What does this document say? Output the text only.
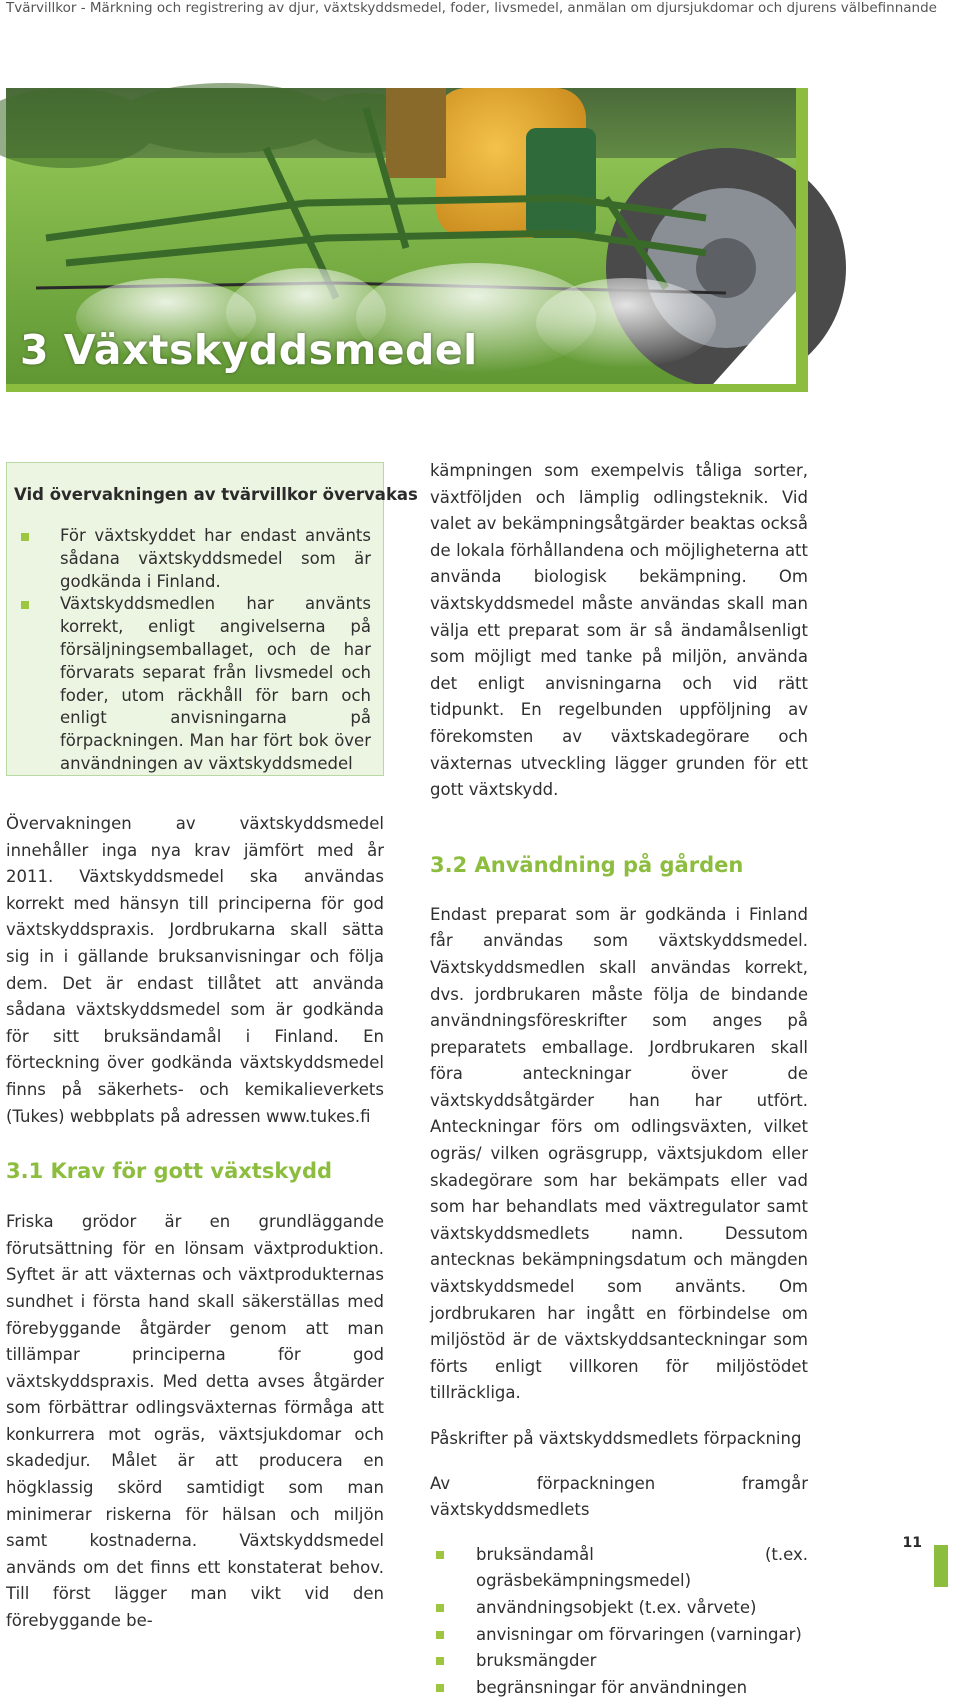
Tvärvillkor - Märkning och registrering av djur, växtskyddsmedel, foder, livsmedel, anmälan om djursjukdomar och djurens välbefinnande
3 Växtskyddsmedel
Vid övervakningen av tvärvillkor övervakas
För växtskyddet har endast använts sådana växtskyddsmedel som är godkända i Finland.
Växtskyddsmedlen har använts korrekt, enligt angivelserna på försäljningsemballaget, och de har förvarats separat från livsmedel och foder, utom räckhåll för barn och enligt anvisningarna på förpackningen. Man har fört bok över användningen av växtskyddsmedel

Övervakningen av växtskyddsmedel innehåller inga nya krav jämfört med år 2011. Växtskyddsmedel ska användas korrekt med hänsyn till principerna för god växtskyddspraxis. Jordbrukarna skall sätta sig in i gällande bruksanvisningar och följa dem. Det är endast tillåtet att använda sådana växtskyddsmedel som är godkända för sitt bruksändamål i Finland. En förteckning över godkända växtskyddsmedel finns på säkerhets- och kemikalieverkets (Tukes) webbplats på adressen www.tukes.fi

3.1 Krav för gott växtskydd

Friska grödor är en grundläggande förutsättning för en lönsam växtproduktion. Syftet är att växternas och växtprodukternas sundhet i första hand skall säkerställas med förebyggande åtgärder genom att man tillämpar principerna för god växtskyddspraxis. Med detta avses åtgärder som förbättrar odlingsväxternas förmåga att konkurrera mot ogräs, växtsjukdomar och skadedjur. Målet är att producera en högklassig skörd samtidigt som man minimerar riskerna för hälsan och miljön samt kostnaderna. Växtskyddsmedel används om det finns ett konstaterat behov. Till först lägger man vikt vid den förebyggande be-

kämpningen som exempelvis tåliga sorter, växtföljden och lämplig odlingsteknik. Vid valet av bekämpningsåtgärder beaktas också de lokala förhållandena och möjligheterna att använda biologisk bekämpning. Om växtskyddsmedel måste användas skall man välja ett preparat som är så ändamålsenligt som möjligt med tanke på miljön, använda det enligt anvisningarna och vid rätt tidpunkt. En regelbunden uppföljning av förekomsten av växtskadegörare och växternas utveckling lägger grunden för ett gott växtskydd.

3.2 Användning på gården

Endast preparat som är godkända i Finland får användas som växtskyddsmedel. Växtskyddsmedlen skall användas korrekt, dvs. jordbrukaren måste följa de bindande användningsföreskrifter som anges på preparatets emballage. Jordbrukaren skall föra anteckningar över de växtskyddsåtgärder han har utfört. Anteckningar förs om odlingsväxten, vilket ogräs/ vilken ogräsgrupp, växtsjukdom eller skadegörare som har bekämpats eller vad som har behandlats med växtregulator samt växtskyddsmedlets namn. Dessutom antecknas bekämpningsdatum och mängden växtskyddsmedel som använts. Om jordbrukaren har ingått en förbindelse om miljöstöd är de växtskyddsanteckningar som förts enligt villkoren för miljöstödet tillräckliga.

Påskrifter på växtskyddsmedlets förpackning

Av förpackningen framgår växtskyddsmedlets

bruksändamål (t.ex. ogräsbekämpningsmedel)
användningsobjekt (t.ex. vårvete)
anvisningar om förvaringen (varningar)
bruksmängder
begränsningar för användningen
11
